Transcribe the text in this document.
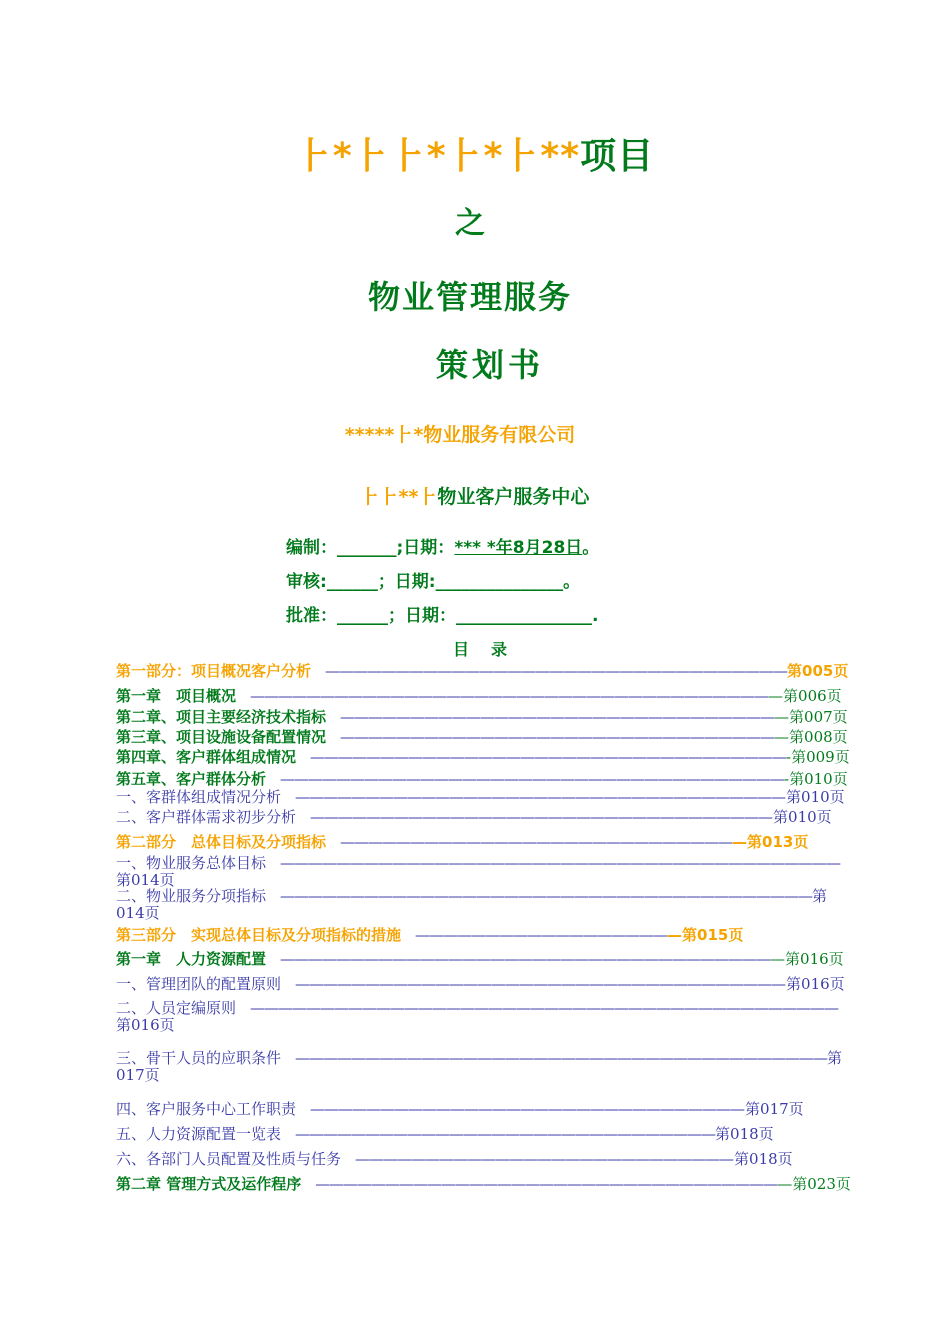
⺊*⺊⺊*⺊*⺊**项目
之
物业管理服务
策划书
*****⺊*物业服务有限公司
⺊⺊**⺊物业客户服务中心
编制：_______;日期：*** *年8月28日。
审核:______；日期:_______________。
批准：______；日期：________________.
目录
第一部分：项目概况客户分析　—————————————————————————————————第005页
第一章　项目概况　——————————————————————————————————————第006页
第二章、项目主要经济技术指标　————————————————————————————————第007页
第三章、项目设施设备配置情况　————————————————————————————————第008页
第四章、客户群体组成情况　——————————————————————————————————-第009页
第五章、客户群体分析　————————————————————————————————————-第010页
一、客群体组成情况分析　———————————————————————————————————第010页
二、客户群体需求初步分析　—————————————————————————————————第010页
第二部分　总体目标及分项指标　—————————————————————————————第013页
一、物业服务总体目标　————————————————————————————————————————第014页
二、物业服务分项指标　——————————————————————————————————————第014页
第三部分　实现总体目标及分项指标的措施　———————————————————第015页
第一章　人力资源配置　————————————————————————————————————第016页
一、管理团队的配置原则　———————————————————————————————————第016页
二、人员定编原则　——————————————————————————————————————————第016页
三、骨干人员的应职条件　——————————————————————————————————————第017页
四、客户服务中心工作职责　———————————————————————————————第017页
五、人力资源配置一览表　——————————————————————————————第018页
六、各部门人员配置及性质与任务　———————————————————————————第018页
第二章 管理方式及运作程序　——————————————————————————————————第023页
